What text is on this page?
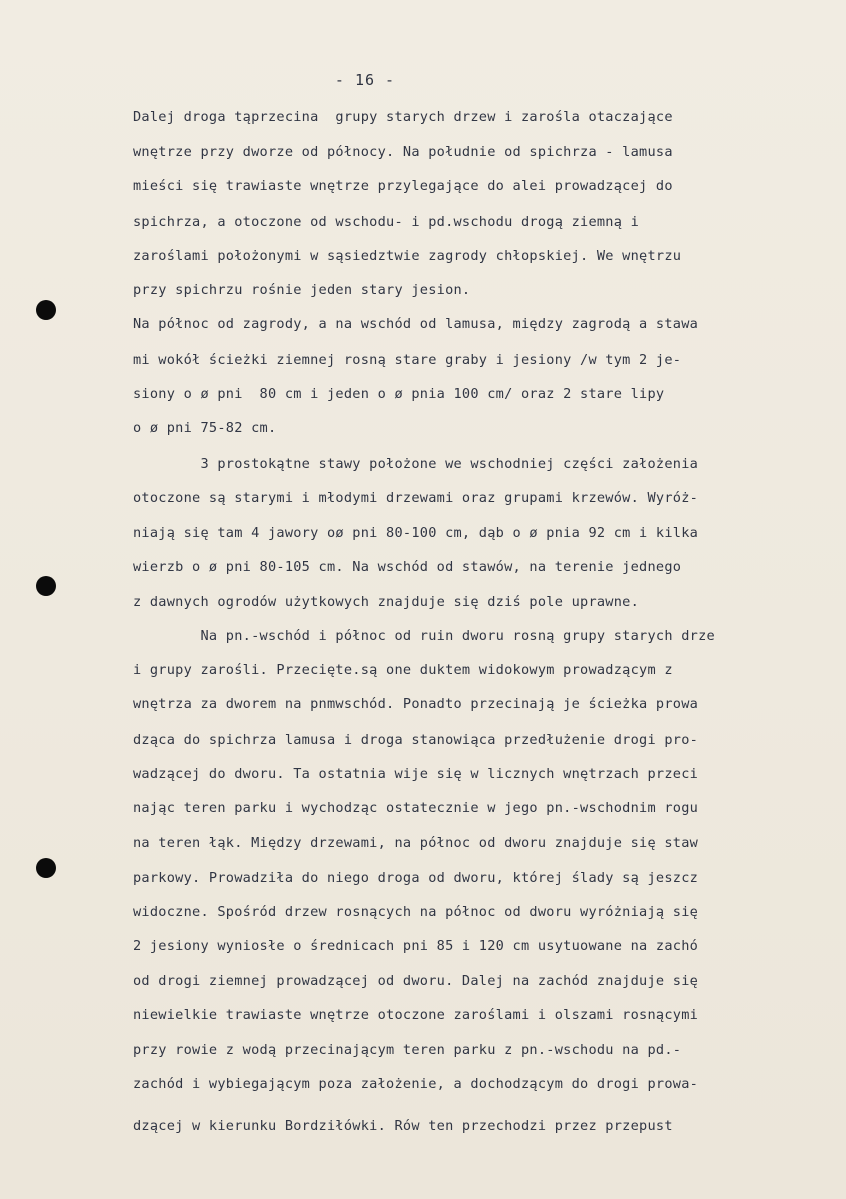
- 16 -

Dalej droga tąprzecina  grupy starych drzew i zarośla otaczające

wnętrze przy dworze od północy. Na południe od spichrza - lamusa

mieści się trawiaste wnętrze przylegające do alei prowadzącej do

spichrza, a otoczone od wschodu- i pd.wschodu drogą ziemną i

zaroślami położonymi w sąsiedztwie zagrody chłopskiej. We wnętrzu

przy spichrzu rośnie jeden stary jesion.

Na północ od zagrody, a na wschód od lamusa, między zagrodą a stawa

mi wokół ścieżki ziemnej rosną stare graby i jesiony /w tym 2 je-

siony o ø pni  80 cm i jeden o ø pnia 100 cm/ oraz 2 stare lipy

o ø pni 75-82 cm.

3 prostokątne stawy położone we wschodniej części założenia

otoczone są starymi i młodymi drzewami oraz grupami krzewów. Wyróż-

niają się tam 4 jawory oø pni 80-100 cm, dąb o ø pnia 92 cm i kilka

wierzb o ø pni 80-105 cm. Na wschód od stawów, na terenie jednego

z dawnych ogrodów użytkowych znajduje się dziś pole uprawne.

Na pn.-wschód i północ od ruin dworu rosną grupy starych drze

i grupy zarośli. Przecięte.są one duktem widokowym prowadzącym z

wnętrza za dworem na pnmwschód. Ponadto przecinają je ścieżka prowa

dząca do spichrza lamusa i droga stanowiąca przedłużenie drogi pro-

wadzącej do dworu. Ta ostatnia wije się w licznych wnętrzach przeci

nając teren parku i wychodząc ostatecznie w jego pn.-wschodnim rogu

na teren łąk. Między drzewami, na północ od dworu znajduje się staw

parkowy. Prowadziła do niego droga od dworu, której ślady są jeszcz

widoczne. Spośród drzew rosnących na północ od dworu wyróżniają się

2 jesiony wyniosłe o średnicach pni 85 i 120 cm usytuowane na zachó

od drogi ziemnej prowadzącej od dworu. Dalej na zachód znajduje się

niewielkie trawiaste wnętrze otoczone zaroślami i olszami rosnącymi

przy rowie z wodą przecinającym teren parku z pn.-wschodu na pd.-

zachód i wybiegającym poza założenie, a dochodzącym do drogi prowa-

dzącej w kierunku Bordziłówki. Rów ten przechodzi przez przepust
